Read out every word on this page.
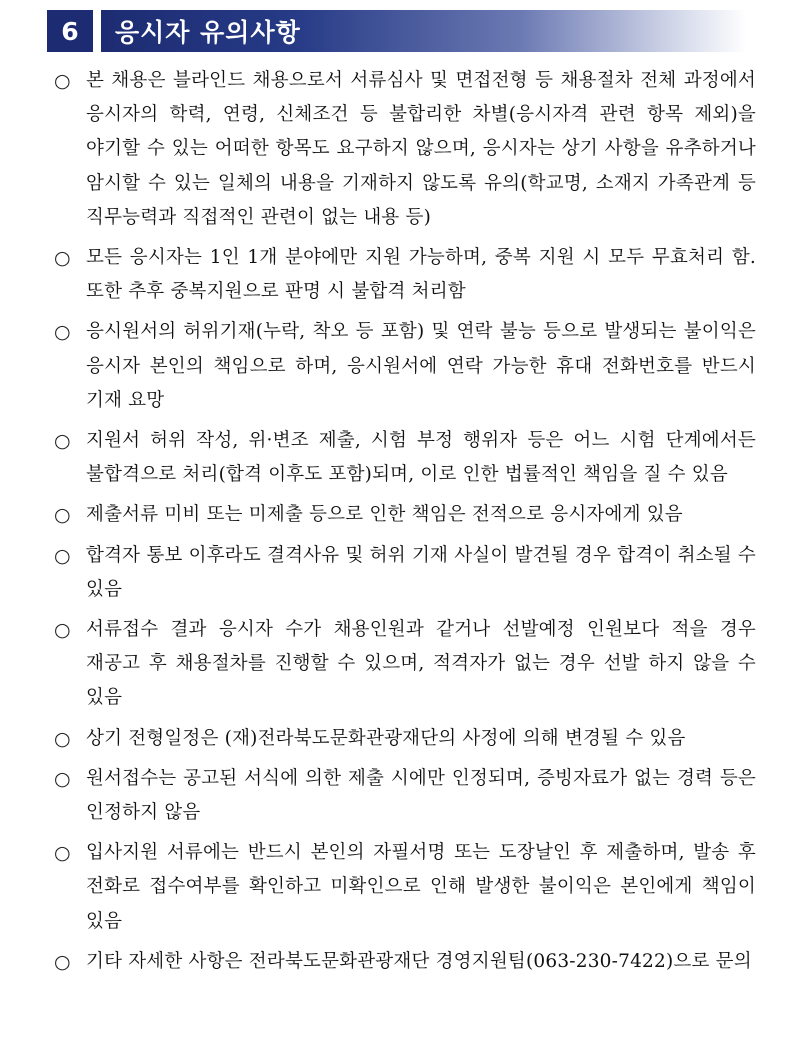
6	응시자 유의사항
○ 본 채용은 블라인드 채용으로서 서류심사 및 면접전형 등 채용절차 전체 과정에서 응시자의 학력, 연령, 신체조건 등 불합리한 차별(응시자격 관련 항목 제외)을 야기할 수 있는 어떠한 항목도 요구하지 않으며, 응시자는 상기 사항을 유추하거나 암시할 수 있는 일체의 내용을 기재하지 않도록 유의(학교명, 소재지 가족관계 등 직무능력과 직접적인 관련이 없는 내용 등)
○ 모든 응시자는 1인 1개 분야에만 지원 가능하며, 중복 지원 시 모두 무효처리 함. 또한 추후 중복지원으로 판명 시 불합격 처리함
○ 응시원서의 허위기재(누락, 착오 등 포함) 및 연락 불능 등으로 발생되는 불이익은 응시자 본인의 책임으로 하며, 응시원서에 연락 가능한 휴대 전화번호를 반드시 기재 요망
○ 지원서 허위 작성, 위·변조 제출, 시험 부정 행위자 등은 어느 시험 단계에서든 불합격으로 처리(합격 이후도 포함)되며, 이로 인한 법률적인 책임을 질 수 있음
○ 제출서류 미비 또는 미제출 등으로 인한 책임은 전적으로 응시자에게 있음
○ 합격자 통보 이후라도 결격사유 및 허위 기재 사실이 발견될 경우 합격이 취소될 수 있음
○ 서류접수 결과 응시자 수가 채용인원과 같거나 선발예정 인원보다 적을 경우 재공고 후 채용절차를 진행할 수 있으며, 적격자가 없는 경우 선발 하지 않을 수 있음
○ 상기 전형일정은 (재)전라북도문화관광재단의 사정에 의해 변경될 수 있음
○ 원서접수는 공고된 서식에 의한 제출 시에만 인정되며, 증빙자료가 없는 경력 등은 인정하지 않음
○ 입사지원 서류에는 반드시 본인의 자필서명 또는 도장날인 후 제출하며, 발송 후 전화로 접수여부를 확인하고 미확인으로 인해 발생한 불이익은 본인에게 책임이 있음
○ 기타 자세한 사항은 전라북도문화관광재단 경영지원팀(063-230-7422)으로 문의
